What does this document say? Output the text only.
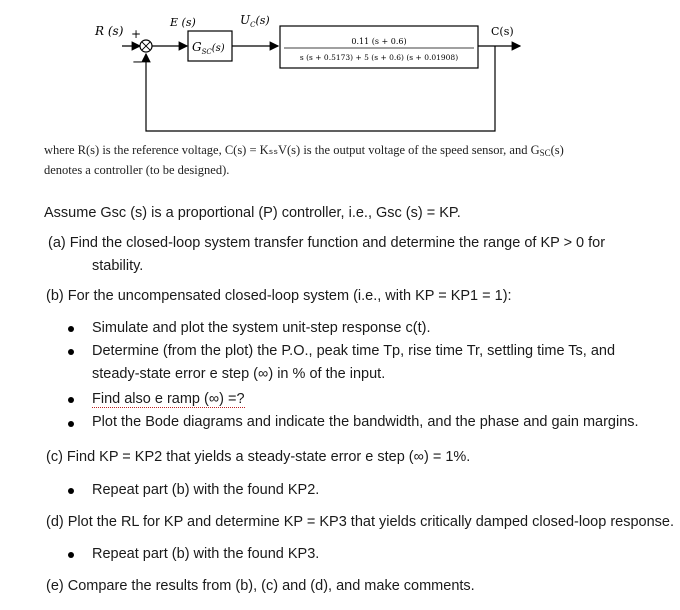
R (s) +
−
E (s)
$G_{SC}^{(s)}$
$U_C(s)$
0.11 (s + 0.6)
s (s + 0.5173) + 5 (s + 0.6) (s + 0.01908)
C(s)
where R(s) is the reference voltage, C(s) = KₛₛV(s) is the output voltage of the speed sensor, and $G_{SC}(s)$
denotes a controller (to be designed).
Assume Gsc (s) is a proportional (P) controller, i.e., Gsc (s) = KP.
(a) Find the closed-loop system transfer function and determine the range of KP > 0 for
stability.
(b) For the uncompensated closed-loop system (i.e., with KP = KP1 = 1):
Simulate and plot the system unit-step response c(t).
Determine (from the plot) the P.O., peak time Tp, rise time Tr, settling time Ts, and
steady-state error e step (∞) in % of the input.
Find also e ramp (∞) =?
Plot the Bode diagrams and indicate the bandwidth, and the phase and gain margins.
(c) Find KP = KP2 that yields a steady-state error e step (∞) = 1%.
Repeat part (b) with the found KP2.
(d) Plot the RL for KP and determine KP = KP3 that yields critically damped closed-loop response.
Repeat part (b) with the found KP3.
(e) Compare the results from (b), (c) and (d), and make comments.
